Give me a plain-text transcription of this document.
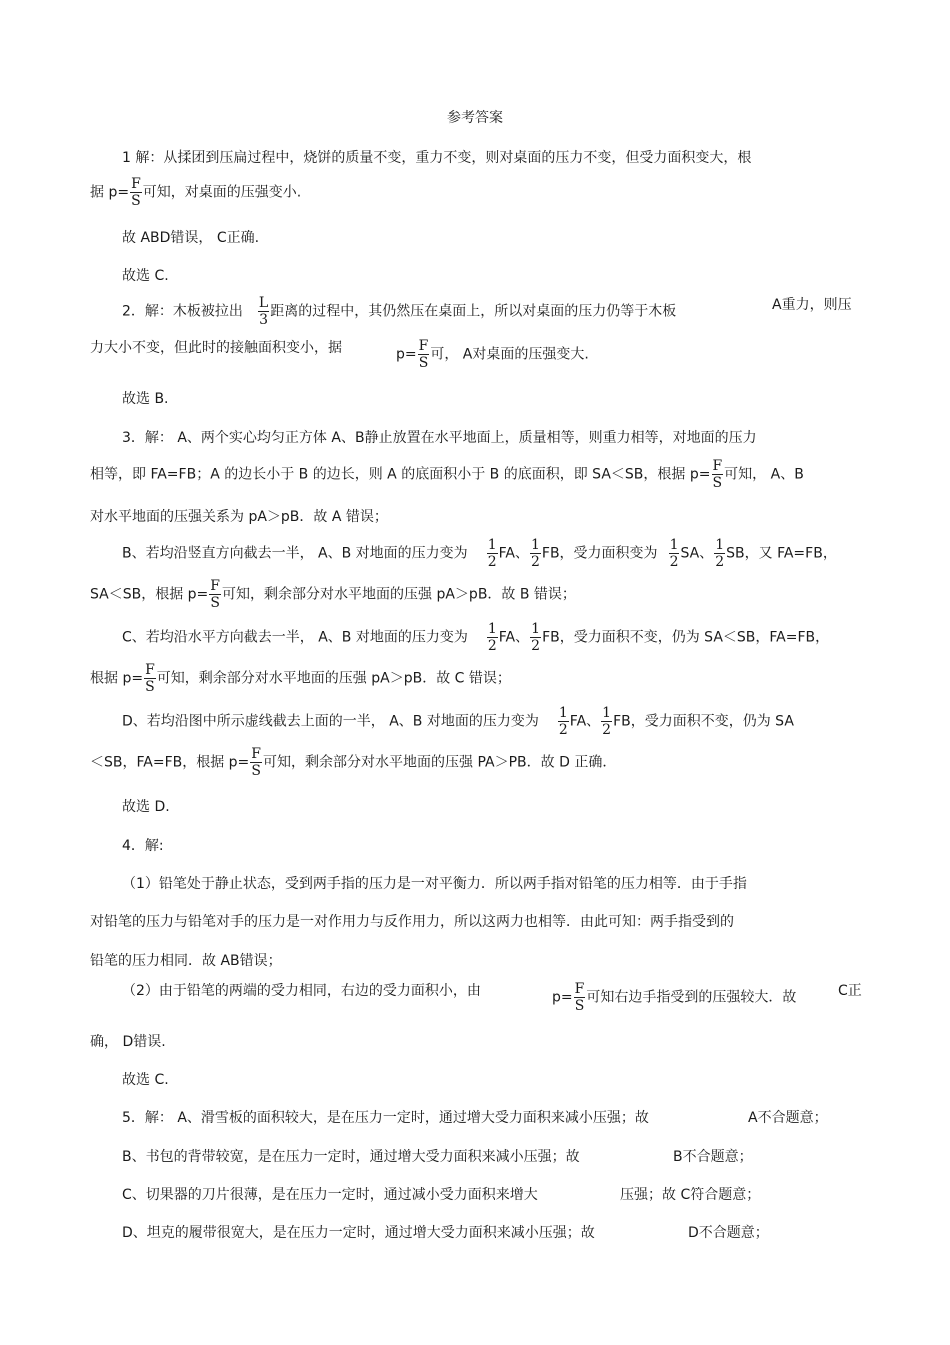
参考答案
1 解：从揉团到压扁过程中，烧饼的质量不变，重力不变，则对桌面的压力不变，但受力面积变大，根
据 $p= \frac{F}{S}$ 可知，对桌面的压强变小.
故 ABD错误， C正确.
故选 C.
2．解：木板被拉出 $\frac{L}{3}$ 距离的过程中，其仍然压在桌面上，所以对桌面的压力仍等于木板	A重力，则压
力大小不变，但此时的接触面积变小，据	$p= \frac{F}{S}$ 可， A对桌面的压强变大.
故选 B.
3．解： A、两个实心均匀正方体 A、B静止放置在水平地面上，质量相等，则重力相等，对地面的压力
相等，即 FA=FB；A 的边长小于 B 的边长，则 A 的底面积小于 B 的底面积，即 SA＜SB，根据 $p= \frac{F}{S}$ 可知， A、B
对水平地面的压强关系为 pA＞pB．故 A 错误；
B、若均沿竖直方向截去一半， A、B 对地面的压力变为 $\frac{1}{2}$ FA、 $\frac{1}{2}$ FB，受力面积变为 $\frac{1}{2}$ SA、 $\frac{1}{2}$ SB，又 FA=FB，
SA＜SB，根据 $p= \frac{F}{S}$ 可知，剩余部分对水平地面的压强 pA＞pB．故 B 错误；
C、若均沿水平方向截去一半， A、B 对地面的压力变为 $\frac{1}{2}$ FA、 $\frac{1}{2}$ FB，受力面积不变，仍为 SA＜SB，FA=FB，
根据 $p= \frac{F}{S}$ 可知，剩余部分对水平地面的压强 pA＞pB．故 C 错误；
D、若均沿图中所示虚线截去上面的一半， A、B 对地面的压力变为 $\frac{1}{2}$ FA、 $\frac{1}{2}$ FB，受力面积不变，仍为 SA
＜SB，FA=FB，根据 $p= \frac{F}{S}$ 可知，剩余部分对水平地面的压强 PA＞PB．故 D 正确．
故选 D.
4．解:
（1）铅笔处于静止状态，受到两手指的压力是一对平衡力．所以两手指对铅笔的压力相等．由于手指
对铅笔的压力与铅笔对手的压力是一对作用力与反作用力，所以这两力也相等．由此可知：两手指受到的
铅笔的压力相同．故 AB错误；
（2）由于铅笔的两端的受力相同，右边的受力面积小，由	$p= \frac{F}{S}$ 可知右边手指受到的压强较大．故	C正
确， D错误.
故选 C.
5．解： A、滑雪板的面积较大，是在压力一定时，通过增大受力面积来减小压强；故	A不合题意；
B、书包的背带较宽，是在压力一定时，通过增大受力面积来减小压强；故	B不合题意；
C、切果器的刀片很薄，是在压力一定时，通过减小受力面积来增大	压强；故 C符合题意；
D、坦克的履带很宽大，是在压力一定时，通过增大受力面积来减小压强；故	D不合题意；
